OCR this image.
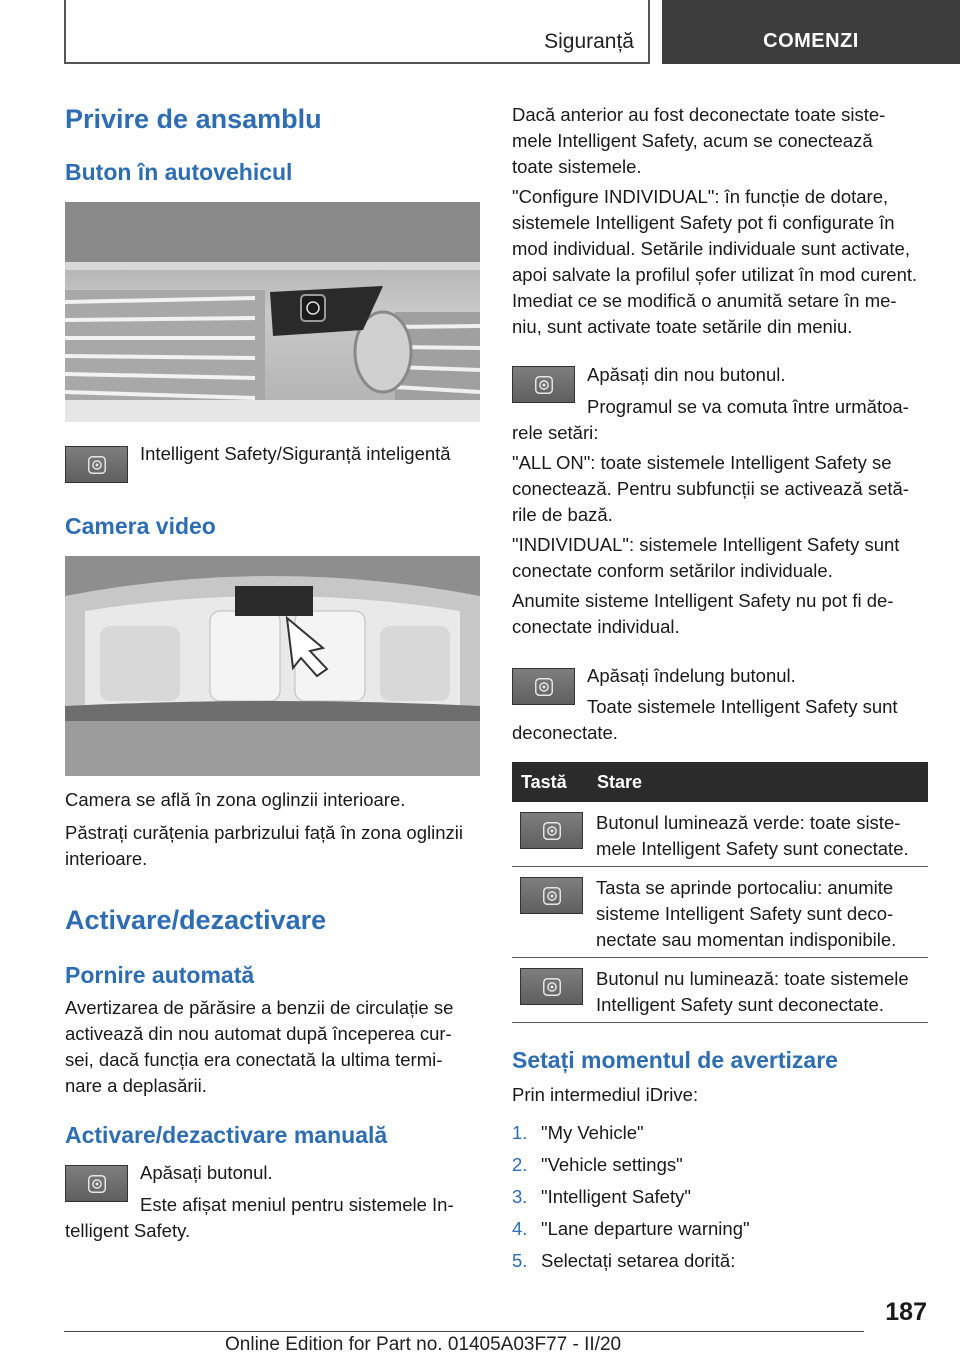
Siguranță	COMENZI
Privire de ansamblu
Buton în autovehicul
Intelligent Safety/Siguranță inteligentă
Camera video
Camera se află în zona oglinzii interioare.
Păstrați curățenia parbrizului față în zona oglinzii
interioare.
Activare/dezactivare
Pornire automată
Avertizarea de părăsire a benzii de circulație se
activează din nou automat după începerea cur-
sei, dacă funcția era conectată la ultima termi-
nare a deplasării.
Activare/dezactivare manuală
Apăsați butonul.
Este afișat meniul pentru sistemele In-
telligent Safety.
Dacă anterior au fost deconectate toate siste-
mele Intelligent Safety, acum se conectează
toate sistemele.
"Configure INDIVIDUAL": în funcție de dotare,
sistemele Intelligent Safety pot fi configurate în
mod individual. Setările individuale sunt activate,
apoi salvate la profilul șofer utilizat în mod curent.
Imediat ce se modifică o anumită setare în me-
niu, sunt activate toate setările din meniu.
Apăsați din nou butonul.
Programul se va comuta între următoa-
rele setări:
"ALL ON": toate sistemele Intelligent Safety se
conectează. Pentru subfuncții se activează setă-
rile de bază.
"INDIVIDUAL": sistemele Intelligent Safety sunt
conectate conform setărilor individuale.
Anumite sisteme Intelligent Safety nu pot fi de-
conectate individual.
Apăsați îndelung butonul.
Toate sistemele Intelligent Safety sunt
deconectate.
Tastă Stare
Butonul luminează verde: toate siste-
mele Intelligent Safety sunt conectate.
Tasta se aprinde portocaliu: anumite
sisteme Intelligent Safety sunt deco-
nectate sau momentan indisponibile.
Butonul nu luminează: toate sistemele
Intelligent Safety sunt deconectate.
Setați momentul de avertizare
Prin intermediul iDrive:
1. "My Vehicle"
2. "Vehicle settings"
3. "Intelligent Safety"
4. "Lane departure warning"
5. Selectați setarea dorită:
187
Online Edition for Part no. 01405A03F77 - II/20
